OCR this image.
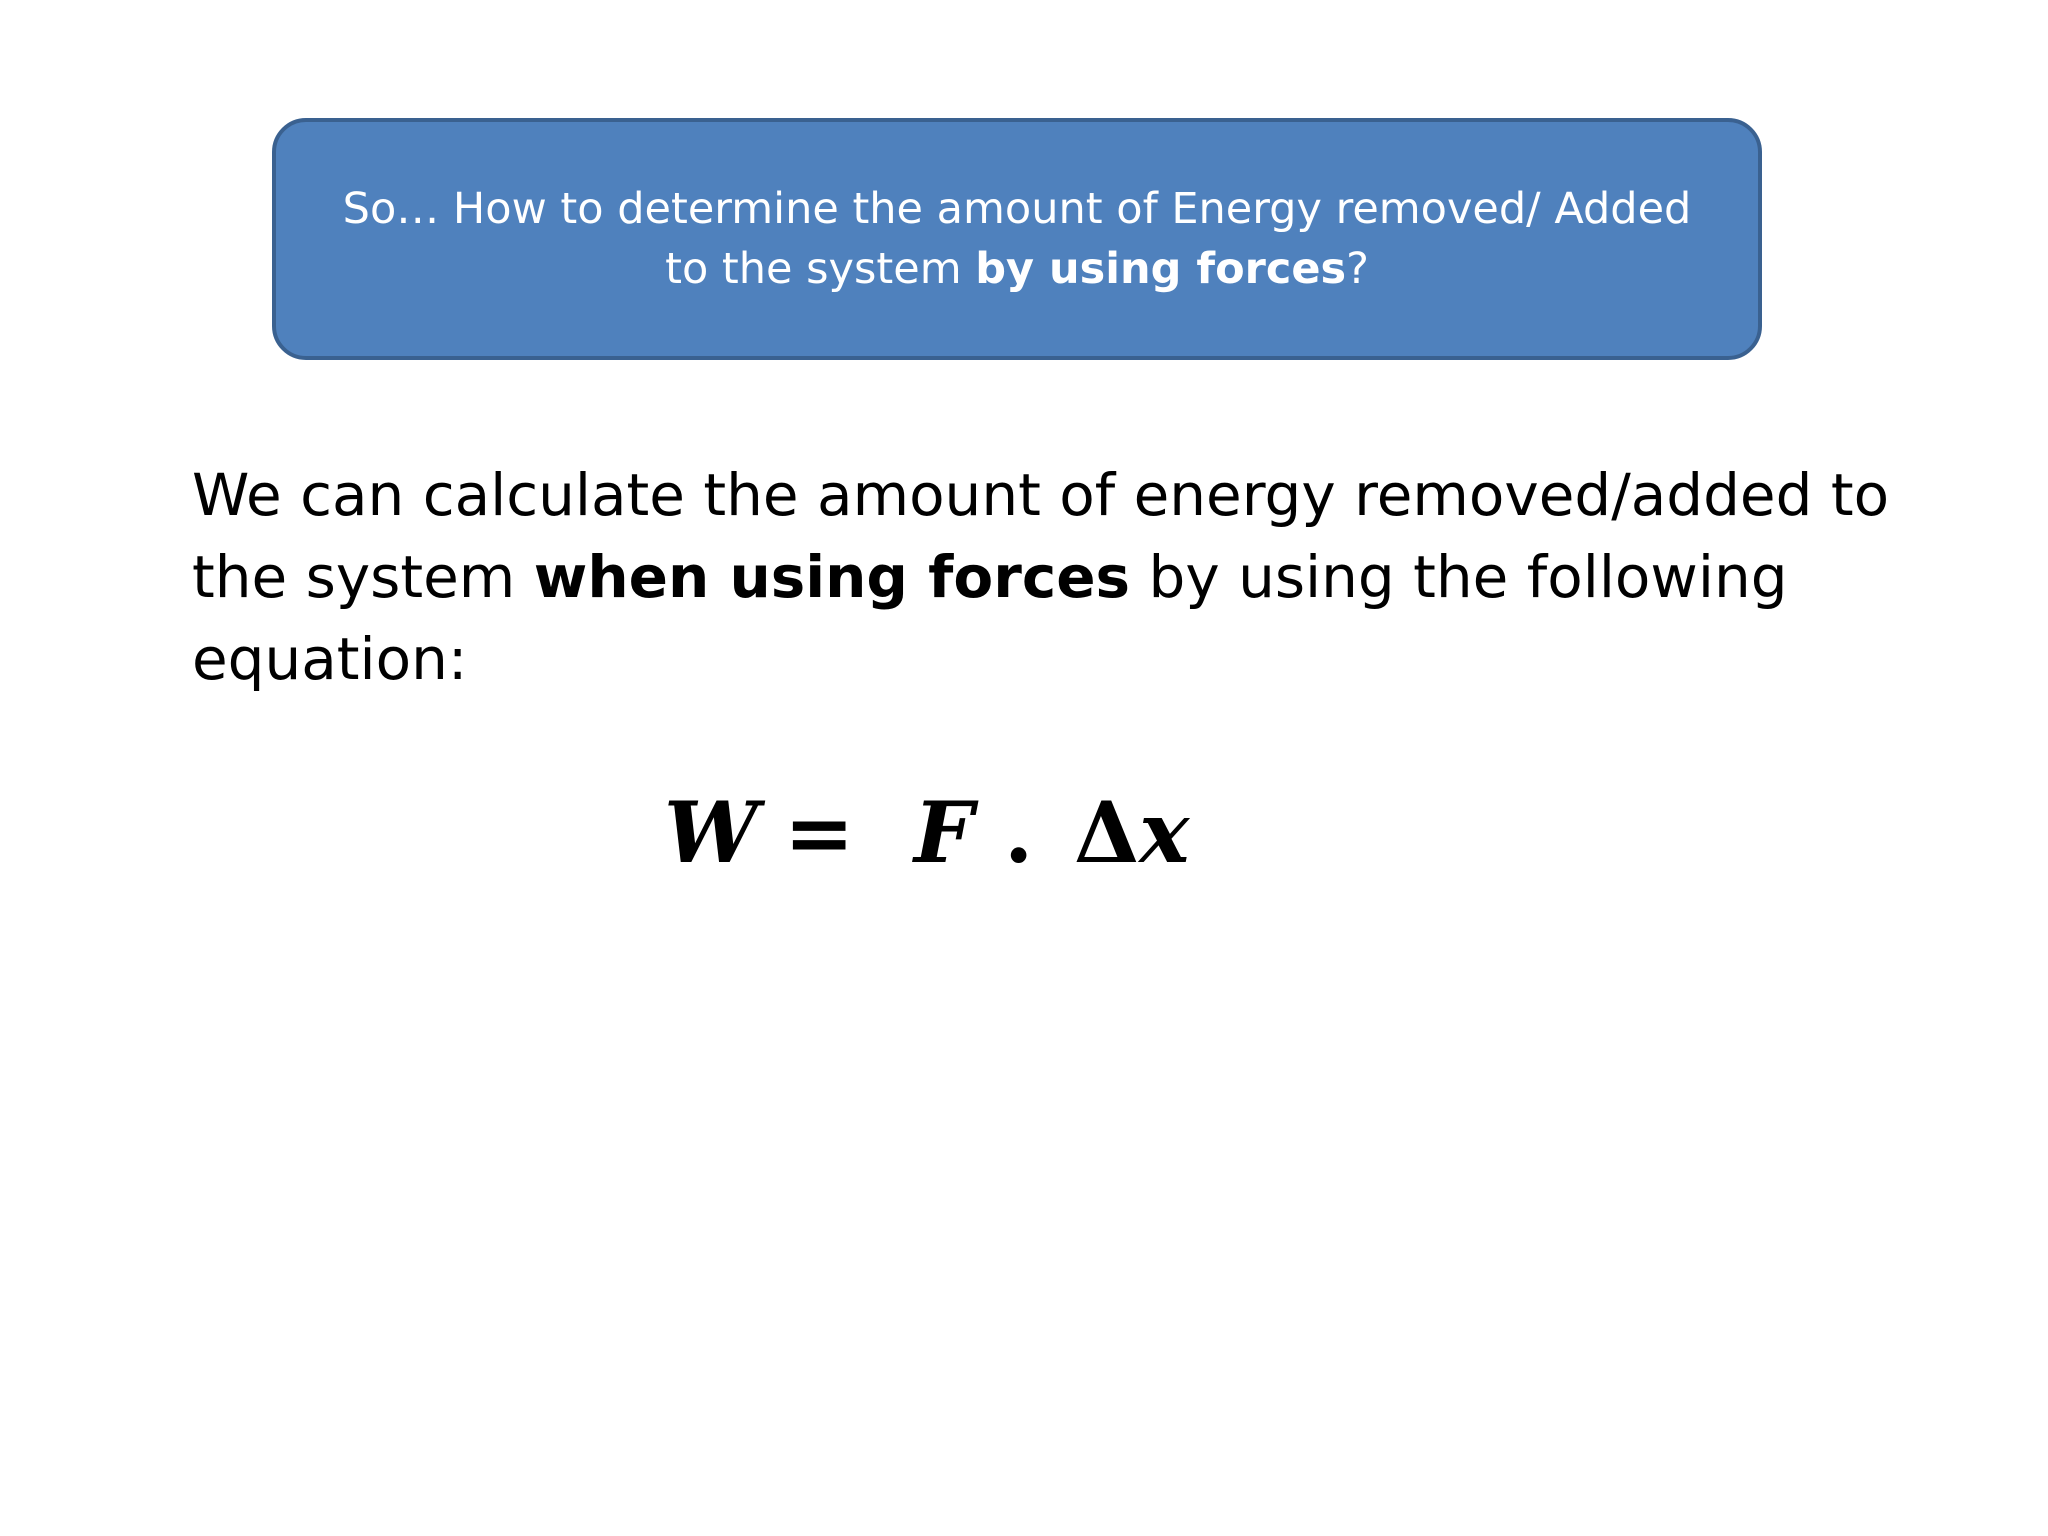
So… How to determine the amount of Energy removed/ Added to the system by using forces?
We can calculate the amount of energy removed/added to the system when using forces by using the following equation:
W = F . Δx
